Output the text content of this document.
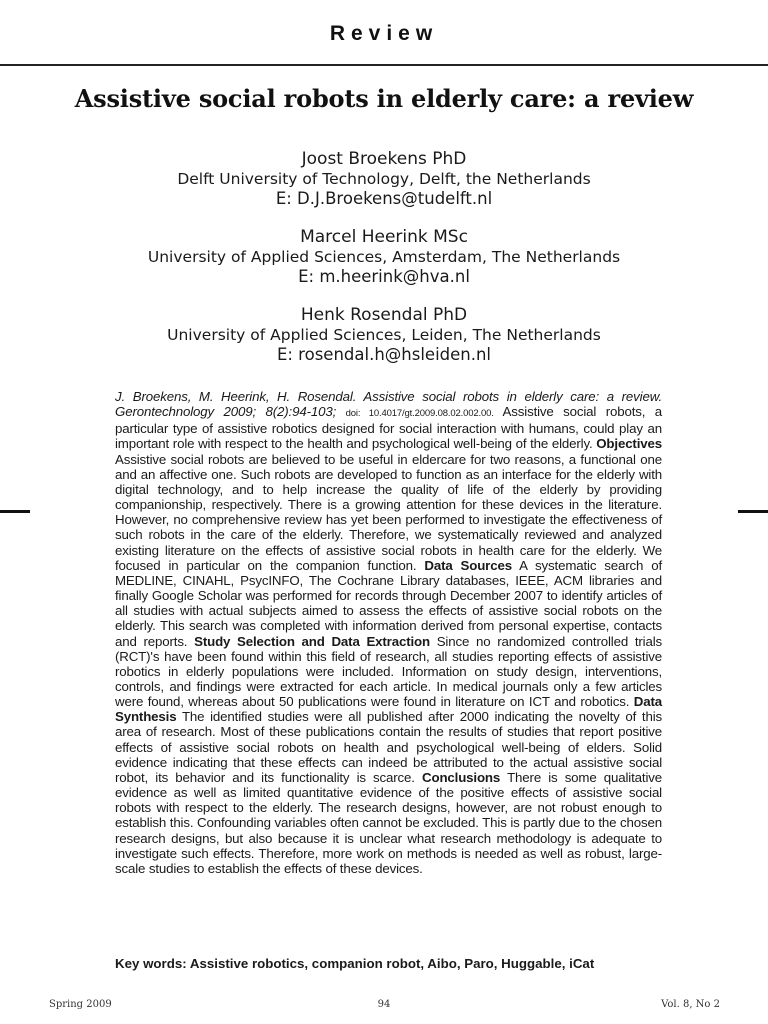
Review
Assistive social robots in elderly care: a review
Joost Broekens PhD
Delft University of Technology, Delft, the Netherlands
E: D.J.Broekens@tudelft.nl
Marcel Heerink MSc
University of Applied Sciences, Amsterdam, The Netherlands
E: m.heerink@hva.nl
Henk Rosendal PhD
University of Applied Sciences, Leiden, The Netherlands
E: rosendal.h@hsleiden.nl
J. Broekens, M. Heerink, H. Rosendal. Assistive social robots in elderly care: a review. Gerontechnology 2009; 8(2):94-103; doi: 10.4017/gt.2009.08.02.002.00. Assistive social robots, a particular type of assistive robotics designed for social interaction with humans, could play an important role with respect to the health and psychological well-being of the elderly. Objectives Assistive social robots are believed to be useful in eldercare for two reasons, a functional one and an affective one. Such robots are developed to function as an interface for the elderly with digital technology, and to help increase the quality of life of the elderly by providing companionship, respectively. There is a growing attention for these devices in the literature. However, no comprehensive review has yet been performed to investigate the effectiveness of such robots in the care of the elderly. Therefore, we systematically reviewed and analyzed existing literature on the effects of assistive social robots in health care for the elderly. We focused in particular on the companion function. Data Sources A systematic search of MEDLINE, CINAHL, PsycINFO, The Cochrane Library databases, IEEE, ACM libraries and finally Google Scholar was performed for records through December 2007 to identify articles of all studies with actual subjects aimed to assess the effects of assistive social robots on the elderly. This search was completed with information derived from personal expertise, contacts and reports. Study Selection and Data Extraction Since no randomized controlled trials (RCT)'s have been found within this field of research, all studies reporting effects of assistive robotics in elderly populations were included. Information on study design, interventions, controls, and findings were extracted for each article. In medical journals only a few articles were found, whereas about 50 publications were found in literature on ICT and robotics. Data Synthesis The identified studies were all published after 2000 indicating the novelty of this area of research. Most of these publications contain the results of studies that report positive effects of assistive social robots on health and psychological well-being of elders. Solid evidence indicating that these effects can indeed be attributed to the actual assistive social robot, its behavior and its functionality is scarce. Conclusions There is some qualitative evidence as well as limited quantitative evidence of the positive effects of assistive social robots with respect to the elderly. The research designs, however, are not robust enough to establish this. Confounding variables often cannot be excluded. This is partly due to the chosen research designs, but also because it is unclear what research methodology is adequate to investigate such effects. Therefore, more work on methods is needed as well as robust, large-scale studies to establish the effects of these devices.
Key words: Assistive robotics, companion robot, Aibo, Paro, Huggable, iCat
Spring 2009	94	Vol. 8, No 2
